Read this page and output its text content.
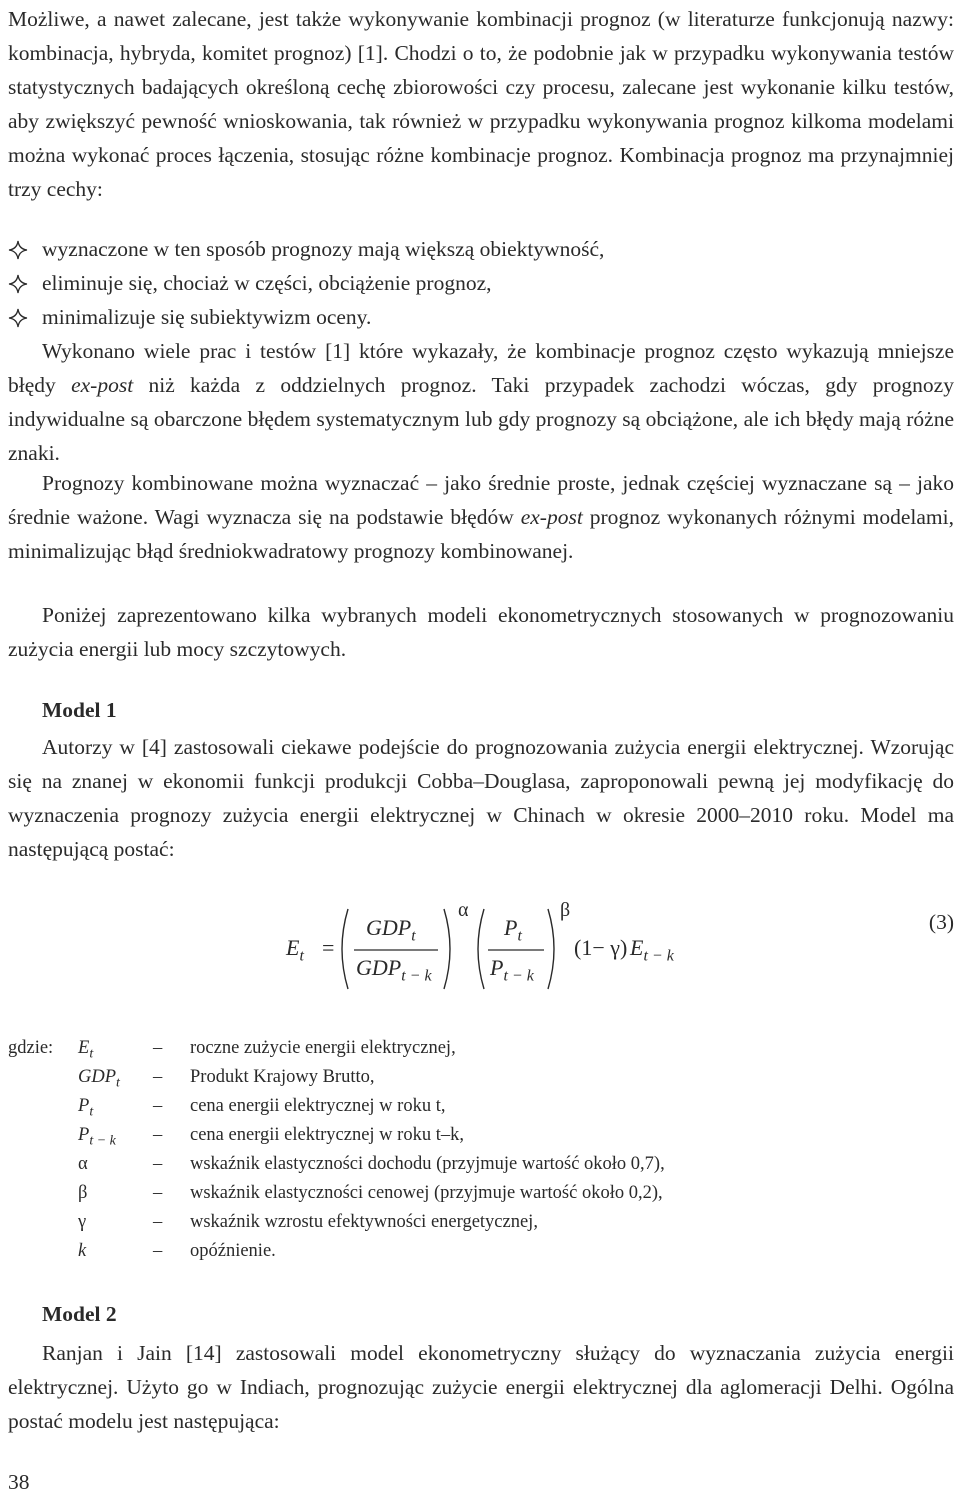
Możliwe, a nawet zalecane, jest także wykonywanie kombinacji prognoz (w literaturze funkcjonują nazwy: kombinacja, hybryda, komitet prognoz) [1]. Chodzi o to, że podobnie jak w przypadku wykonywania testów statystycznych badających określoną cechę zbiorowości czy procesu, zalecane jest wykonanie kilku testów, aby zwiększyć pewność wnioskowania, tak również w przypadku wykonywania prognoz kilkoma modelami można wykonać proces łączenia, stosując różne kombinacje prognoz. Kombinacja prognoz ma przynajmniej trzy cechy:

wyznaczone w ten sposób prognozy mają większą obiektywność,
eliminuje się, chociaż w części, obciążenie prognoz,
minimalizuje się subiektywizm oceny.

Wykonano wiele prac i testów [1] które wykazały, że kombinacje prognoz często wykazują mniejsze błędy ex-post niż każda z oddzielnych prognoz. Taki przypadek zachodzi wóczas, gdy prognozy indywidualne są obarczone błędem systematycznym lub gdy prognozy są obciążone, ale ich błędy mają różne znaki.

Prognozy kombinowane można wyznaczać – jako średnie proste, jednak częściej wyznaczane są – jako średnie ważone. Wagi wyznacza się na podstawie błędów ex-post prognoz wykonanych różnymi modelami, minimalizując błąd średniokwadratowy prognozy kombinowanej.

Poniżej zaprezentowano kilka wybranych modeli ekonometrycznych stosowanych w prognozowaniu zużycia energii lub mocy szczytowych.

Model 1

Autorzy w [4] zastosowali ciekawe podejście do prognozowania zużycia energii elektrycznej. Wzorując się na znanej w ekonomii funkcji produkcji Cobba–Douglasa, zaproponowali pewną jej modyfikację do wyznaczenia prognozy zużycia energii elektrycznej w Chinach w okresie 2000–2010 roku. Model ma następującą postać:

$E_t$ =
$GDP_t$
$GDP_{t - k}$
α
$P_t$
$P_{t - k}$
β
(1− γ) $E_{t - k}$
(3)
gdzie: $E_t$	– roczne zużycie energii elektrycznej,
$GDP_t$ – Produkt Krajowy Brutto,
$P_t$	– cena energii elektrycznej w roku t,
$P_{t - k}$ – cena energii elektrycznej w roku t–k,
α	– wskaźnik elastyczności dochodu (przyjmuje wartość około 0,7),
β	– wskaźnik elastyczności cenowej (przyjmuje wartość około 0,2),
γ	– wskaźnik wzrostu efektywności energetycznej,
k	– opóźnienie.
Model 2

Ranjan i Jain [14] zastosowali model ekonometryczny służący do wyznaczania zużycia energii elektrycznej. Użyto go w Indiach, prognozując zużycie energii elektrycznej dla aglomeracji Delhi. Ogólna postać modelu jest następująca:

38
